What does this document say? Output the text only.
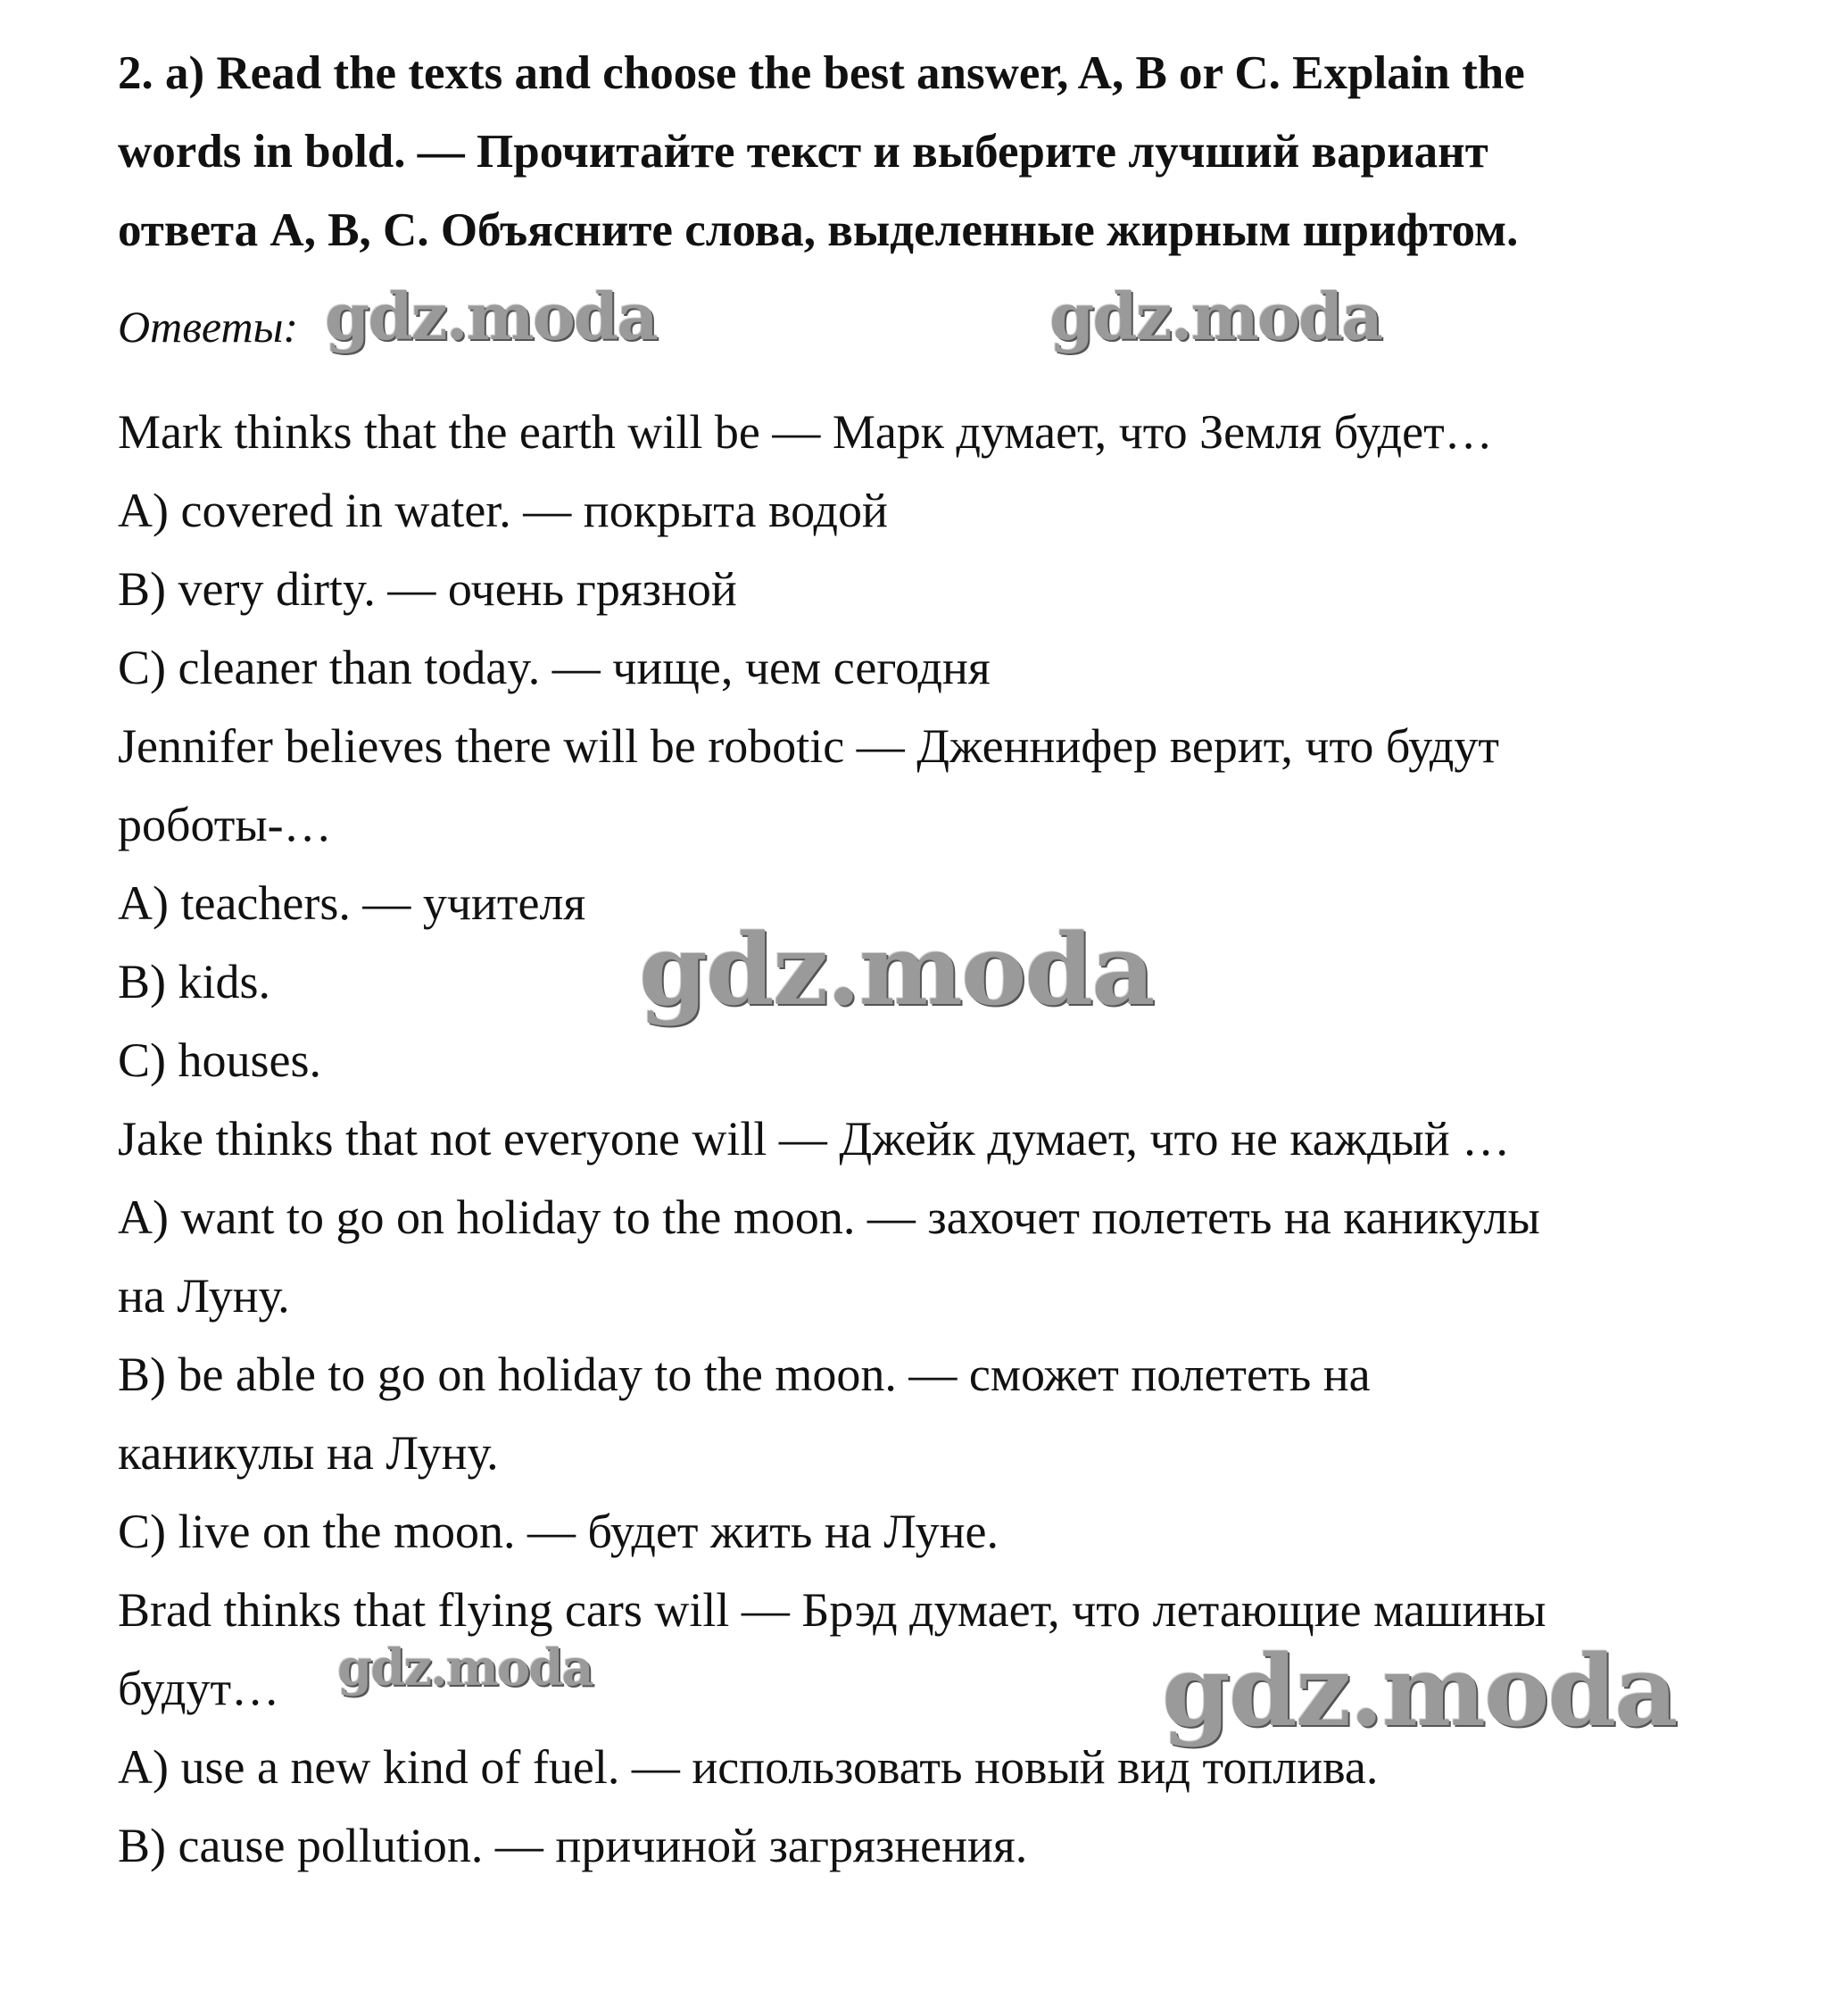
2. a) Read the texts and choose the best answer, A, B or C. Explain the
words in bold. — Прочитайте текст и выберите лучший вариант
ответа А, В, С. Объясните слова, выделенные жирным шрифтом.
Ответы:
Mark thinks that the earth will be — Марк думает, что Земля будет…
A) covered in water. — покрыта водой
B) very dirty. — очень грязной
C) cleaner than today. — чище, чем сегодня
Jennifer believes there will be robotic — Дженнифер верит, что будут
роботы-…
A) teachers. — учителя
B) kids.
C) houses.
Jake thinks that not everyone will — Джейк думает, что не каждый …
A) want to go on holiday to the moon. — захочет полететь на каникулы
на Луну.
B) be able to go on holiday to the moon. — сможет полететь на
каникулы на Луну.
C) live on the moon. — будет жить на Луне.
Brad thinks that flying cars will — Брэд думает, что летающие машины
будут…
A) use a new kind of fuel. — использовать новый вид топлива.
B) cause pollution. — причиной загрязнения.
gdz.moda	gdz.moda
gdz.moda
gdz.moda	gdz.moda
